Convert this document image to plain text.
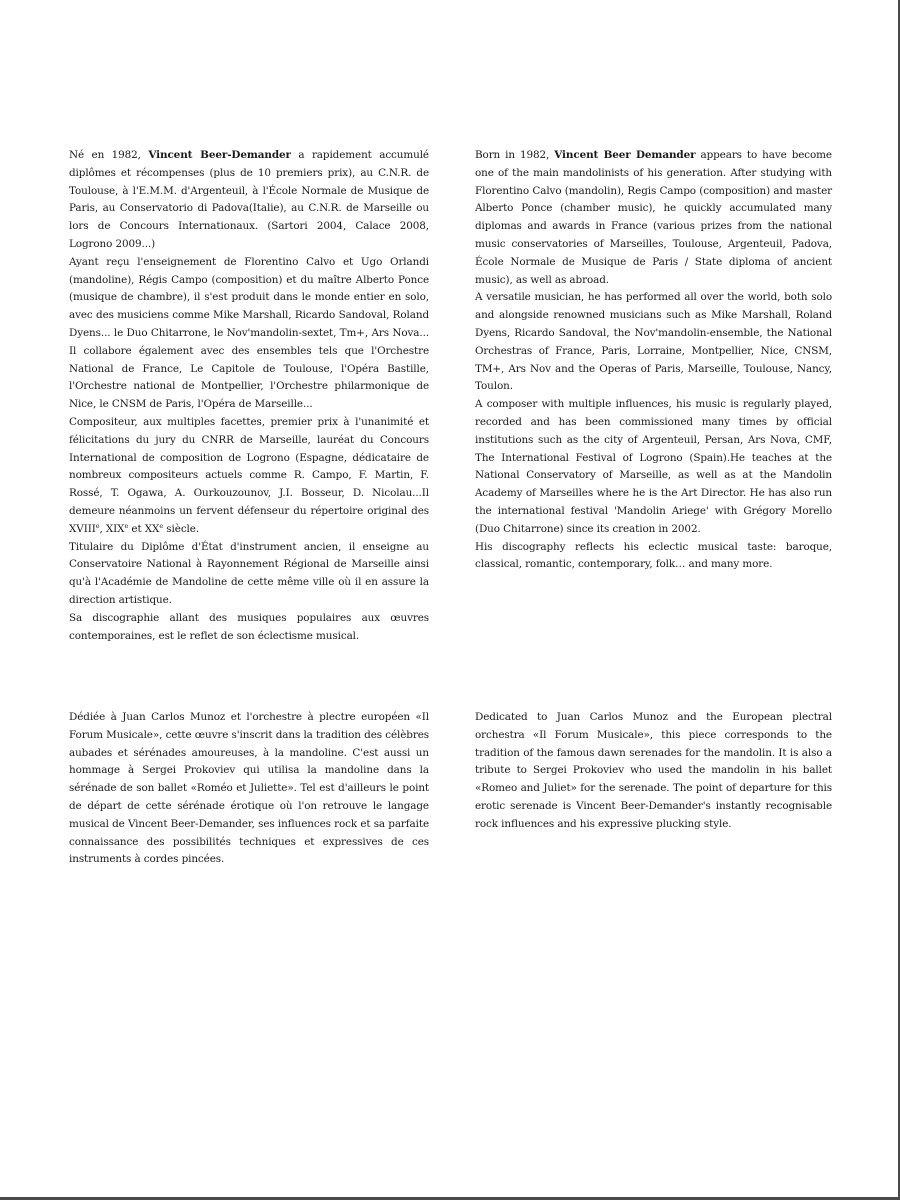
Né en 1982, Vincent Beer-Demander a rapidement accumulé diplômes et récompenses (plus de 10 premiers prix), au C.N.R. de Toulouse, à l'E.M.M. d'Argenteuil, à l'École Normale de Musique de Paris, au Conservatorio di Padova(Italie), au C.N.R. de Marseille ou lors de Concours Internationaux. (Sartori 2004, Calace 2008, Logrono 2009...)

Ayant reçu l'enseignement de Florentino Calvo et Ugo Orlandi (mandoline), Régis Campo (composition) et du maître Alberto Ponce (musique de chambre), il s'est produit dans le monde entier en solo, avec des musiciens comme Mike Marshall, Ricardo Sandoval, Roland Dyens... le Duo Chitarrone, le Nov'mandolin-sextet, Tm+, Ars Nova... Il collabore également avec des ensembles tels que l'Orchestre National de France, Le Capitole de Toulouse, l'Opéra Bastille, l'Orchestre national de Montpellier, l'Orchestre philarmonique de Nice, le CNSM de Paris, l'Opéra de Marseille...

Compositeur, aux multiples facettes, premier prix à l'unanimité et félicitations du jury du CNRR de Marseille, lauréat du Concours International de composition de Logrono (Espagne, dédicataire de nombreux compositeurs actuels comme R. Campo, F. Martin, F. Rossé, T. Ogawa, A. Ourkouzounov, J.I. Bosseur, D. Nicolau...Il demeure néanmoins un fervent défenseur du répertoire original des XVIIIe, XIXe et XXe siècle.

Titulaire du Diplôme d'État d'instrument ancien, il enseigne au Conservatoire National à Rayonnement Régional de Marseille ainsi qu'à l'Académie de Mandoline de cette même ville où il en assure la direction artistique.

Sa discographie allant des musiques populaires aux œuvres contemporaines, est le reflet de son éclectisme musical.

Born in 1982, Vincent Beer Demander appears to have become one of the main mandolinists of his generation. After studying with Florentino Calvo (mandolin), Regis Campo (composition) and master Alberto Ponce (chamber music), he quickly accumulated many diplomas and awards in France (various prizes from the national music conservatories of Marseilles, Toulouse, Argenteuil, Padova, École Normale de Musique de Paris / State diploma of ancient music), as well as abroad.

A versatile musician, he has performed all over the world, both solo and alongside renowned musicians such as Mike Marshall, Roland Dyens, Ricardo Sandoval, the Nov'mandolin-ensemble, the National Orchestras of France, Paris, Lorraine, Montpellier, Nice, CNSM, TM+, Ars Nov and the Operas of Paris, Marseille, Toulouse, Nancy, Toulon.

A composer with multiple influences, his music is regularly played, recorded and has been commissioned many times by official institutions such as the city of Argenteuil, Persan, Ars Nova, CMF, The International Festival of Logrono (Spain).He teaches at the National Conservatory of Marseille, as well as at the Mandolin Academy of Marseilles where he is the Art Director. He has also run the international festival 'Mandolin Ariege' with Grégory Morello (Duo Chitarrone) since its creation in 2002.

His discography reflects his eclectic musical taste: baroque, classical, romantic, contemporary, folk… and many more.

Dédiée à Juan Carlos Munoz et l'orchestre à plectre européen «Il Forum Musicale», cette œuvre s'inscrit dans la tradition des célèbres aubades et sérénades amoureuses, à la mandoline. C'est aussi un hommage à Sergei Prokoviev qui utilisa la mandoline dans la sérénade de son ballet «Roméo et Juliette». Tel est d'ailleurs le point de départ de cette sérénade érotique où l'on retrouve le langage musical de Vincent Beer-Demander, ses influences rock et sa parfaite connaissance des possibilités techniques et expressives de ces instruments à cordes pincées.

Dedicated to Juan Carlos Munoz and the European plectral orchestra «Il Forum Musicale», this piece corresponds to the tradition of the famous dawn serenades for the mandolin. It is also a tribute to Sergei Prokoviev who used the mandolin in his ballet «Romeo and Juliet» for the serenade. The point of departure for this erotic serenade is Vincent Beer-Demander's instantly recognisable rock influences and his expressive plucking style.
